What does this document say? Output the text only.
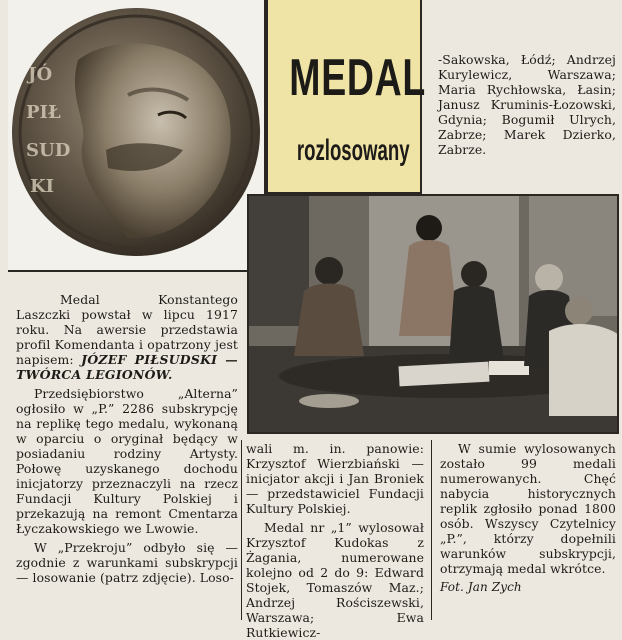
JÓ
PIŁ
SUD
KI
MEDAL
rozlosowany

-Sakowska, Łódź; Andrzej Kurylewicz, Warszawa; Maria Rychłowska, Łasin; Janusz Kruminis-Łozowski, Gdynia; Bogumił Ulrych, Zabrze; Marek Dzierko, Zabrze.

Medal Konstantego Laszczki powstał w lipcu 1917 roku. Na awersie przedstawia profil Komendanta i opatrzony jest napisem: JÓZEF PIŁSUDSKI — TWÓRCA LEGIONÓW.

Przedsiębiorstwo „Alterna” ogłosiło w „P.” 2286 subskrypcję na replikę tego medalu, wykonaną w oparciu o oryginał będący w posiadaniu rodziny Artysty. Połowę uzyskanego dochodu inicjatorzy przeznaczyli na rzecz Fundacji Kultury Polskiej i przekazują na remont Cmentarza Łyczakowskiego we Lwowie.

W „Przekroju” odbyło się — zgodnie z warunkami subskrypcji — losowanie (patrz zdjęcie). Loso-

wali m. in. panowie: Krzysztof Wierzbiański — inicjator akcji i Jan Broniek — przedstawiciel Fundacji Kultury Polskiej.

Medal nr „1” wylosował Krzysztof Kudokas z Żagania, numerowane kolejno od 2 do 9: Edward Stojek, Tomaszów Maz.; Andrzej Rościszewski, Warszawa; Ewa Rutkiewicz-

W sumie wylosowanych zostało 99 medali numerowanych. Chęć nabycia historycznych replik zgłosiło ponad 1800 osób. Wszyscy Czytelnicy „P.”, którzy dopełnili warunków subskrypcji, otrzymają medal wkrótce.

Fot. Jan Zych
